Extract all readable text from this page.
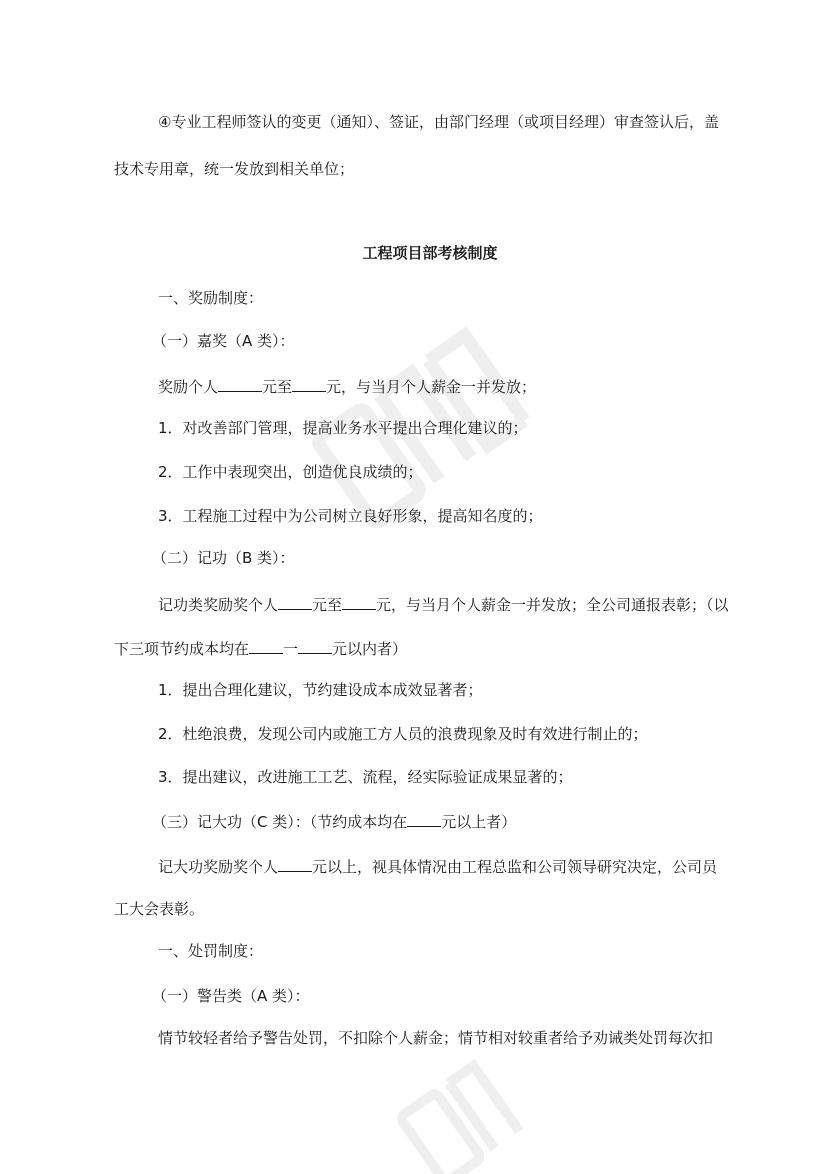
④专业工程师签认的变更（通知）、签证，由部门经理（或项目经理）审查签认后，盖
技术专用章，统一发放到相关单位；
工程项目部考核制度
一、奖励制度：
（一）嘉奖（A 类）：
奖励个人	元至 元，与当月个人薪金一并发放；
1．对改善部门管理，提高业务水平提出合理化建议的；
2．工作中表现突出，创造优良成绩的；
3．工程施工过程中为公司树立良好形象，提高知名度的；
（二）记功（B 类）：
记功类奖励奖个人 元至 元，与当月个人薪金一并发放；全公司通报表彰；（以
下三项节约成本均在 一 元以内者）
1．提出合理化建议，节约建设成本成效显著者；
2．杜绝浪费，发现公司内或施工方人员的浪费现象及时有效进行制止的；
3．提出建议，改进施工工艺、流程，经实际验证成果显著的；
（三）记大功（C 类）：（节约成本均在 元以上者）
记大功奖励奖个人 元以上，视具体情况由工程总监和公司领导研究决定，公司员
工大会表彰。
一、处罚制度：
（一）警告类（A 类）：
情节较轻者给予警告处罚，不扣除个人薪金；情节相对较重者给予劝诫类处罚每次扣
